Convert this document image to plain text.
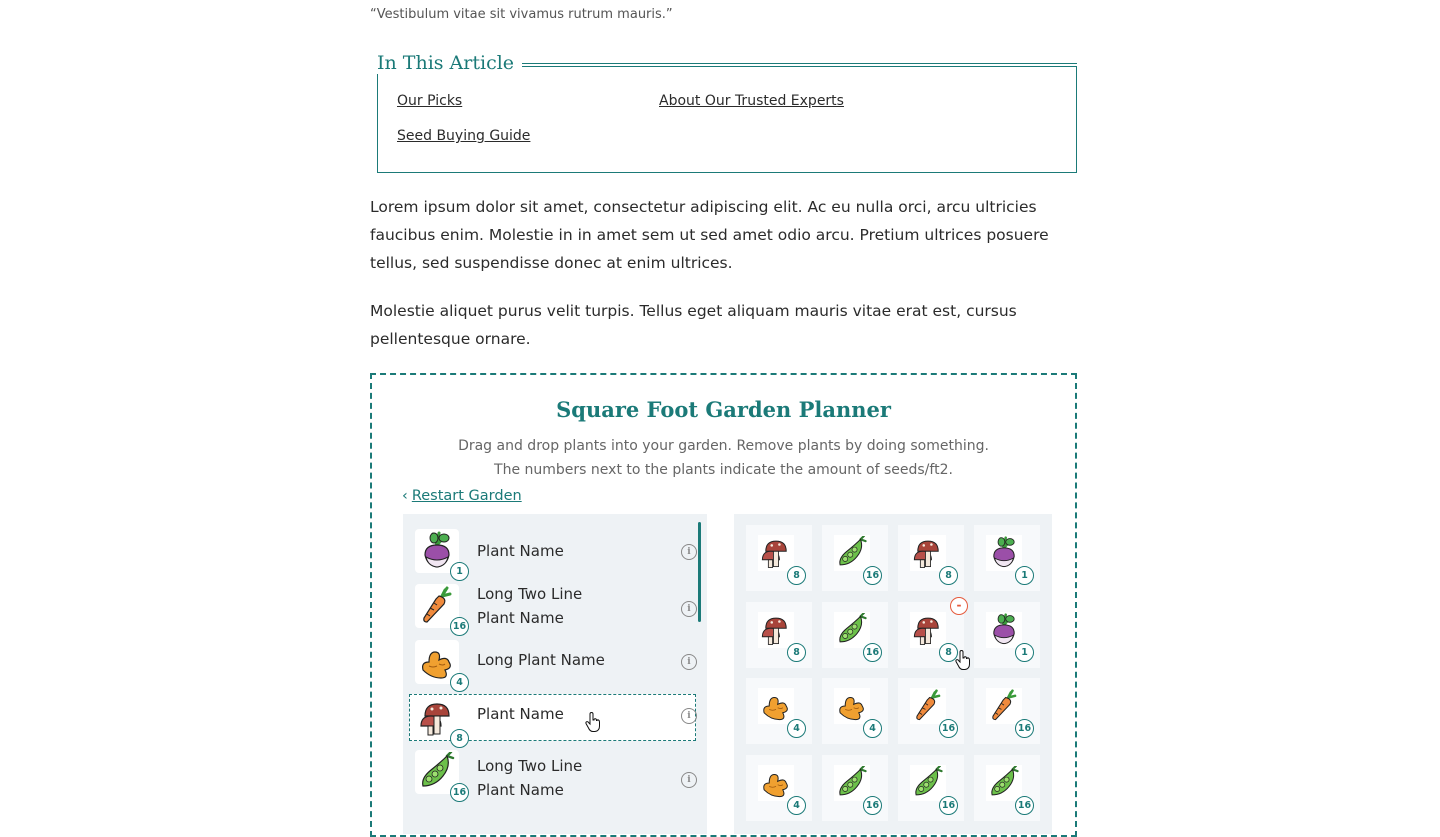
“Vestibulum vitae sit vivamus rutrum mauris.”
In This Article
Our Picks	About Our Trusted Experts
Seed Buying Guide

Lorem ipsum dolor sit amet, consectetur adipiscing elit. Ac eu nulla orci, arcu ultricies faucibus enim. Molestie in in amet sem ut sed amet odio arcu. Pretium ultrices posuere tellus, sed suspendisse donec at enim ultrices.

Molestie aliquet purus velit turpis. Tellus eget aliquam mauris vitae erat est, cursus pellentesque ornare.

Square Foot Garden Planner
Drag and drop plants into your garden. Remove plants by doing something.
The numbers next to the plants indicate the amount of seeds/ft2.
‹ Restart Garden
1
Plant Name	i
16
Long Two Line
Plant Name	i
4
Long Plant Name	i
8
Plant Name	i
16
Long Two Line
Plant Name
i
8	16	8	1
8	16	8	1
4	4	16	16
4	16	16	16
-
